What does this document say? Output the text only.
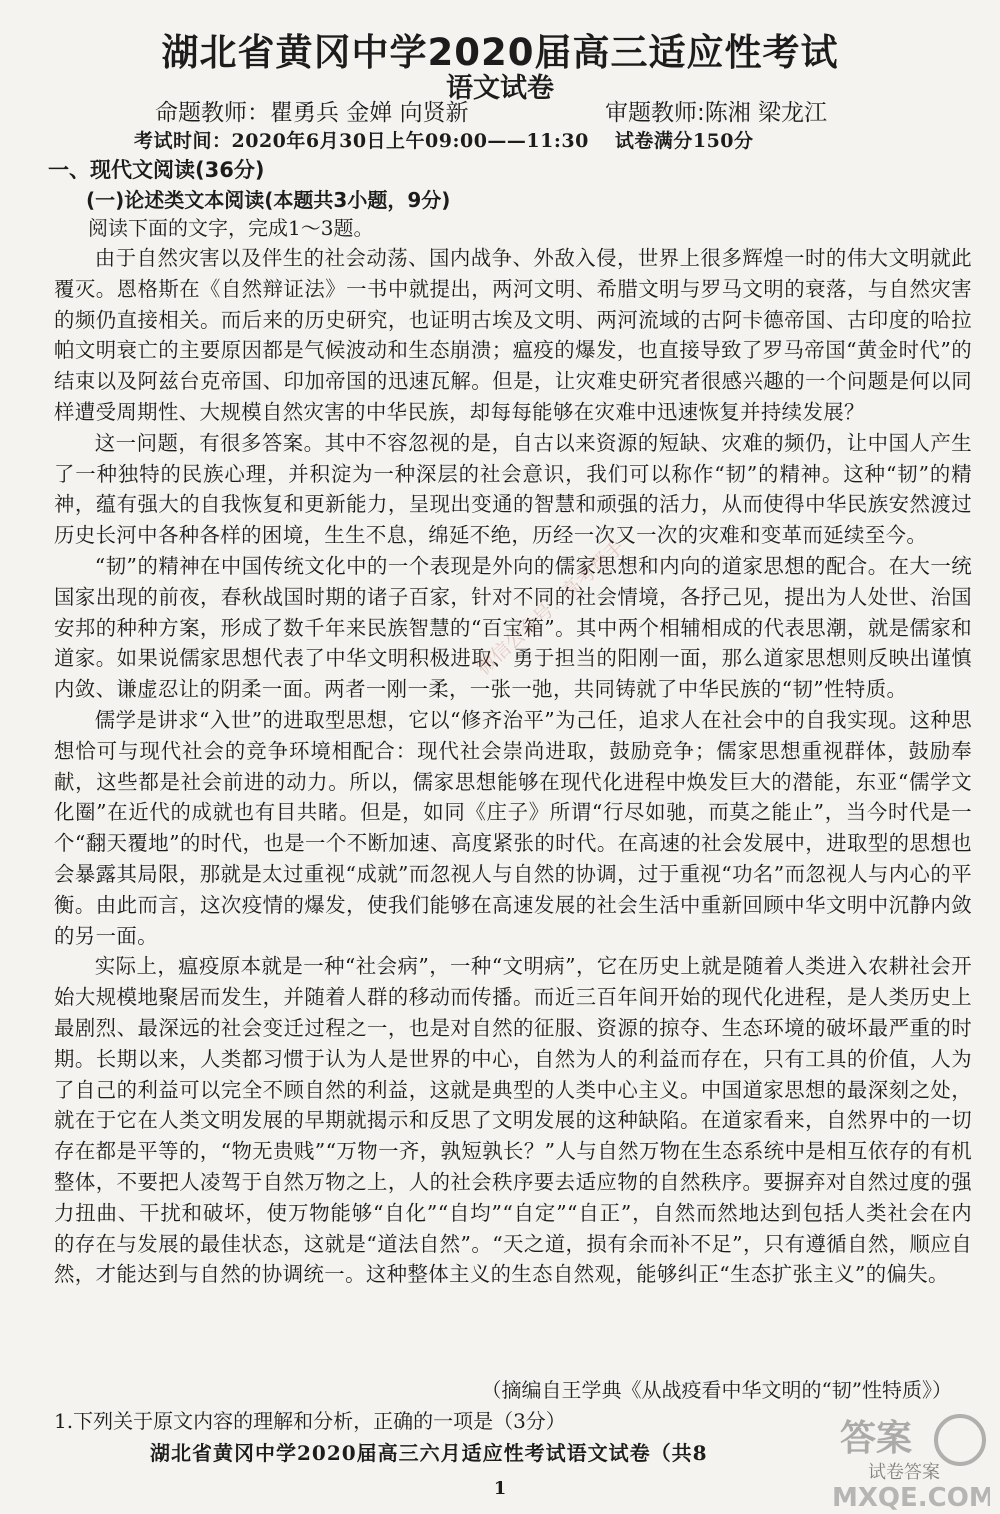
湖北省黄冈中学2020届高三适应性考试
语文试卷
命题教师：瞿勇兵 金婵 向贤新	审题教师:陈湘 梁龙江
考试时间：2020年6月30日上午09:00——11:30 试卷满分150分
一、现代文阅读(36分)
(一)论述类文本阅读(本题共3小题，9分)
阅读下面的文字，完成1～3题。

由于自然灾害以及伴生的社会动荡、国内战争、外敌入侵，世界上很多辉煌一时的伟大文明就此覆灭。恩格斯在《自然辩证法》一书中就提出，两河文明、希腊文明与罗马文明的衰落，与自然灾害的频仍直接相关。而后来的历史研究，也证明古埃及文明、两河流域的古阿卡德帝国、古印度的哈拉帕文明衰亡的主要原因都是气候波动和生态崩溃；瘟疫的爆发，也直接导致了罗马帝国“黄金时代”的结束以及阿兹台克帝国、印加帝国的迅速瓦解。但是，让灾难史研究者很感兴趣的一个问题是何以同样遭受周期性、大规模自然灾害的中华民族，却每每能够在灾难中迅速恢复并持续发展？

这一问题，有很多答案。其中不容忽视的是，自古以来资源的短缺、灾难的频仍，让中国人产生了一种独特的民族心理，并积淀为一种深层的社会意识，我们可以称作“韧”的精神。这种“韧”的精神，蕴有强大的自我恢复和更新能力，呈现出变通的智慧和顽强的活力，从而使得中华民族安然渡过历史长河中各种各样的困境，生生不息，绵延不绝，历经一次又一次的灾难和变革而延续至今。

“韧”的精神在中国传统文化中的一个表现是外向的儒家思想和内向的道家思想的配合。在大一统国家出现的前夜，春秋战国时期的诸子百家，针对不同的社会情境，各抒己见，提出为人处世、治国安邦的种种方案，形成了数千年来民族智慧的“百宝箱”。其中两个相辅相成的代表思潮，就是儒家和道家。如果说儒家思想代表了中华文明积极进取、勇于担当的阳刚一面，那么道家思想则反映出谨慎内敛、谦虚忍让的阴柔一面。两者一刚一柔，一张一弛，共同铸就了中华民族的“韧”性特质。

儒学是讲求“入世”的进取型思想，它以“修齐治平”为己任，追求人在社会中的自我实现。这种思想恰可与现代社会的竞争环境相配合：现代社会崇尚进取，鼓励竞争；儒家思想重视群体，鼓励奉献，这些都是社会前进的动力。所以，儒家思想能够在现代化进程中焕发巨大的潜能，东亚“儒学文化圈”在近代的成就也有目共睹。但是，如同《庄子》所谓“行尽如驰，而莫之能止”，当今时代是一个“翻天覆地”的时代，也是一个不断加速、高度紧张的时代。在高速的社会发展中，进取型的思想也会暴露其局限，那就是太过重视“成就”而忽视人与自然的协调，过于重视“功名”而忽视人与内心的平衡。由此而言，这次疫情的爆发，使我们能够在高速发展的社会生活中重新回顾中华文明中沉静内敛的另一面。

实际上，瘟疫原本就是一种“社会病”，一种“文明病”，它在历史上就是随着人类进入农耕社会开始大规模地聚居而发生，并随着人群的移动而传播。而近三百年间开始的现代化进程，是人类历史上最剧烈、最深远的社会变迁过程之一，也是对自然的征服、资源的掠夺、生态环境的破坏最严重的时期。长期以来，人类都习惯于认为人是世界的中心，自然为人的利益而存在，只有工具的价值，人为了自己的利益可以完全不顾自然的利益，这就是典型的人类中心主义。中国道家思想的最深刻之处，就在于它在人类文明发展的早期就揭示和反思了文明发展的这种缺陷。在道家看来，自然界中的一切存在都是平等的，“物无贵贱”“万物一齐，孰短孰长？”人与自然万物在生态系统中是相互依存的有机整体，不要把人凌驾于自然万物之上，人的社会秩序要去适应物的自然秩序。要摒弃对自然过度的强力扭曲、干扰和破坏，使万物能够“自化”“自均”“自定”“自正”，自然而然地达到包括人类社会在内的存在与发展的最佳状态，这就是“道法自然”。“天之道，损有余而补不足”，只有遵循自然，顺应自然，才能达到与自然的协调统一。这种整体主义的生态自然观，能够纠正“生态扩张主义”的偏失。

微信公众号：高考帮手
（摘编自王学典《从战疫看中华文明的“韧”性特质》）
1.下列关于原文内容的理解和分析，正确的一项是（3分）
湖北省黄冈中学2020届高三六月适应性考试语文试卷（共8
1
答案
试卷答案
MXQE.COM
